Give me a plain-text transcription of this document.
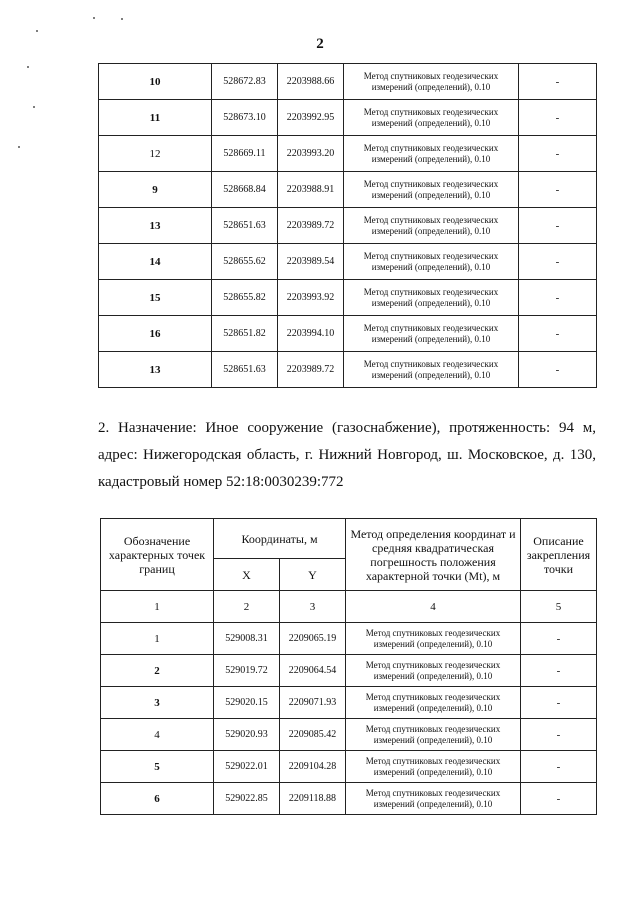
2
10	528672.83	2203988.66	Метод спутниковых геодезических измерений (определений), 0.10	-
11	528673.10	2203992.95	Метод спутниковых геодезических измерений (определений), 0.10	-
12	528669.11	2203993.20	Метод спутниковых геодезических измерений (определений), 0.10	-
9	528668.84	2203988.91	Метод спутниковых геодезических измерений (определений), 0.10	-
13	528651.63	2203989.72	Метод спутниковых геодезических измерений (определений), 0.10	-
14	528655.62	2203989.54	Метод спутниковых геодезических измерений (определений), 0.10	-
15	528655.82	2203993.92	Метод спутниковых геодезических измерений (определений), 0.10	-
16	528651.82	2203994.10	Метод спутниковых геодезических измерений (определений), 0.10	-
13	528651.63	2203989.72	Метод спутниковых геодезических измерений (определений), 0.10	-
2. Назначение: Иное сооружение (газоснабжение), протяженность: 94 м,
адрес: Нижегородская область, г. Нижний Новгород, ш. Московское, д. 130,
кадастровый номер 52:18:0030239:772
Обозначение характерных точек границ	Координаты, м		Метод определения координат и средняя квадратическая погрешность положения характерной точки (Mt), м	Описание закрепления точки
	X	Y		
1	2	3	4	5
1	529008.31	2209065.19	Метод спутниковых геодезических измерений (определений), 0.10	-
2	529019.72	2209064.54	Метод спутниковых геодезических измерений (определений), 0.10	-
3	529020.15	2209071.93	Метод спутниковых геодезических измерений (определений), 0.10	-
4	529020.93	2209085.42	Метод спутниковых геодезических измерений (определений), 0.10	-
5	529022.01	2209104.28	Метод спутниковых геодезических измерений (определений), 0.10	-
6	529022.85	2209118.88	Метод спутниковых геодезических измерений (определений), 0.10	-
